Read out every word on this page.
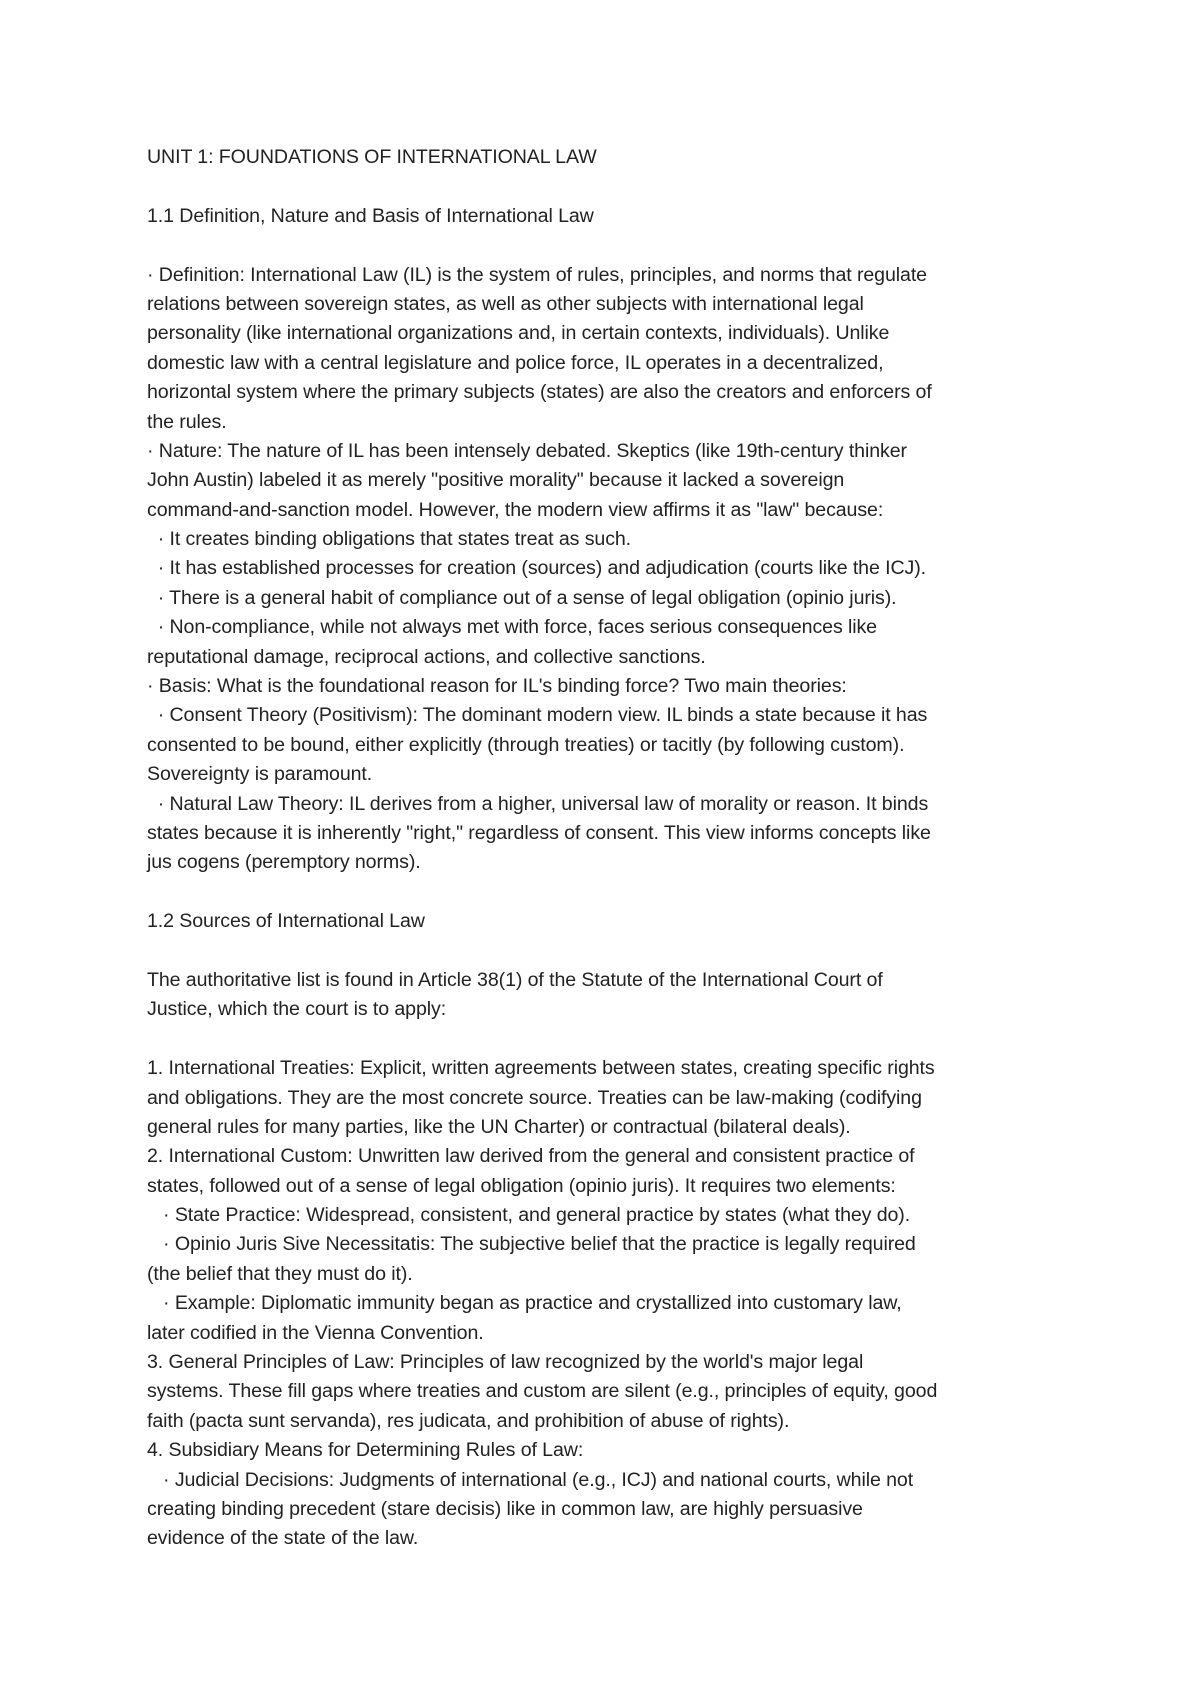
UNIT 1: FOUNDATIONS OF INTERNATIONAL LAW
1.1 Definition, Nature and Basis of International Law
· Definition: International Law (IL) is the system of rules, principles, and norms that regulate
relations between sovereign states, as well as other subjects with international legal
personality (like international organizations and, in certain contexts, individuals). Unlike
domestic law with a central legislature and police force, IL operates in a decentralized,
horizontal system where the primary subjects (states) are also the creators and enforcers of
the rules.
· Nature: The nature of IL has been intensely debated. Skeptics (like 19th-century thinker
John Austin) labeled it as merely "positive morality" because it lacked a sovereign
command-and-sanction model. However, the modern view affirms it as "law" because:
· It creates binding obligations that states treat as such.
· It has established processes for creation (sources) and adjudication (courts like the ICJ).
· There is a general habit of compliance out of a sense of legal obligation (opinio juris).
· Non-compliance, while not always met with force, faces serious consequences like
reputational damage, reciprocal actions, and collective sanctions.
· Basis: What is the foundational reason for IL's binding force? Two main theories:
· Consent Theory (Positivism): The dominant modern view. IL binds a state because it has
consented to be bound, either explicitly (through treaties) or tacitly (by following custom).
Sovereignty is paramount.
· Natural Law Theory: IL derives from a higher, universal law of morality or reason. It binds
states because it is inherently "right," regardless of consent. This view informs concepts like
jus cogens (peremptory norms).
1.2 Sources of International Law
The authoritative list is found in Article 38(1) of the Statute of the International Court of
Justice, which the court is to apply:
1. International Treaties: Explicit, written agreements between states, creating specific rights
and obligations. They are the most concrete source. Treaties can be law-making (codifying
general rules for many parties, like the UN Charter) or contractual (bilateral deals).
2. International Custom: Unwritten law derived from the general and consistent practice of
states, followed out of a sense of legal obligation (opinio juris). It requires two elements:
· State Practice: Widespread, consistent, and general practice by states (what they do).
· Opinio Juris Sive Necessitatis: The subjective belief that the practice is legally required
(the belief that they must do it).
· Example: Diplomatic immunity began as practice and crystallized into customary law,
later codified in the Vienna Convention.
3. General Principles of Law: Principles of law recognized by the world's major legal
systems. These fill gaps where treaties and custom are silent (e.g., principles of equity, good
faith (pacta sunt servanda), res judicata, and prohibition of abuse of rights).
4. Subsidiary Means for Determining Rules of Law:
· Judicial Decisions: Judgments of international (e.g., ICJ) and national courts, while not
creating binding precedent (stare decisis) like in common law, are highly persuasive
evidence of the state of the law.
